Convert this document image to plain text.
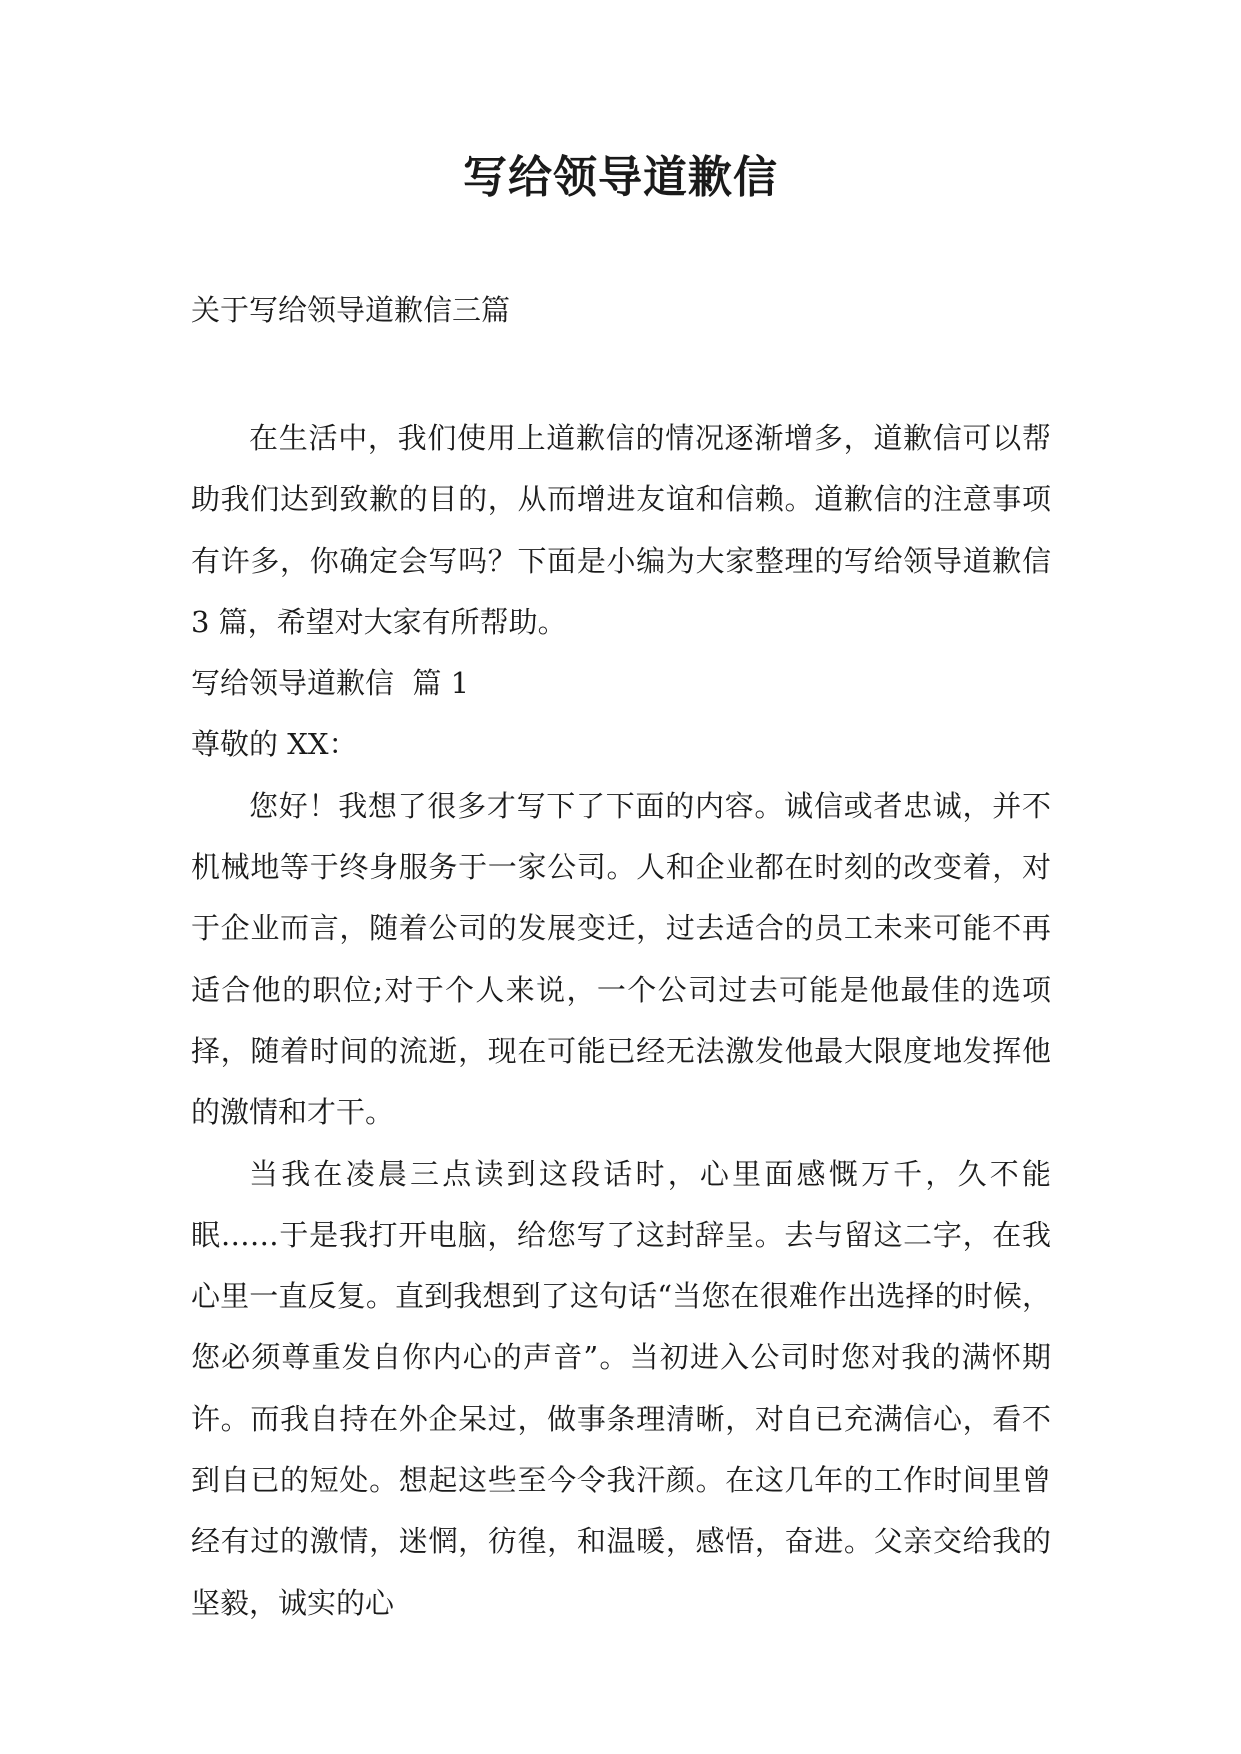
写给领导道歉信

关于写给领导道歉信三篇

在生活中，我们使用上道歉信的情况逐渐增多，道歉信可以帮助我们达到致歉的目的，从而增进友谊和信赖。道歉信的注意事项有许多，你确定会写吗？下面是小编为大家整理的写给领导道歉信 3 篇，希望对大家有所帮助。

写给领导道歉信  篇 1

尊敬的 XX：

您好！我想了很多才写下了下面的内容。诚信或者忠诚，并不机械地等于终身服务于一家公司。人和企业都在时刻的改变着，对于企业而言，随着公司的发展变迁，过去适合的员工未来可能不再适合他的职位;对于个人来说，一个公司过去可能是他最佳的选项择，随着时间的流逝，现在可能已经无法激发他最大限度地发挥他的激情和才干。

当我在凌晨三点读到这段话时，心里面感慨万千，久不能眠……于是我打开电脑，给您写了这封辞呈。去与留这二字，在我心里一直反复。直到我想到了这句话“当您在很难作出选择的时候，您必须尊重发自你内心的声音”。当初进入公司时您对我的满怀期许。而我自持在外企呆过，做事条理清晰，对自已充满信心，看不到自已的短处。想起这些至今令我汗颜。在这几年的工作时间里曾经有过的激情，迷惘，彷徨，和温暖，感悟，奋进。父亲交给我的坚毅，诚实的心
